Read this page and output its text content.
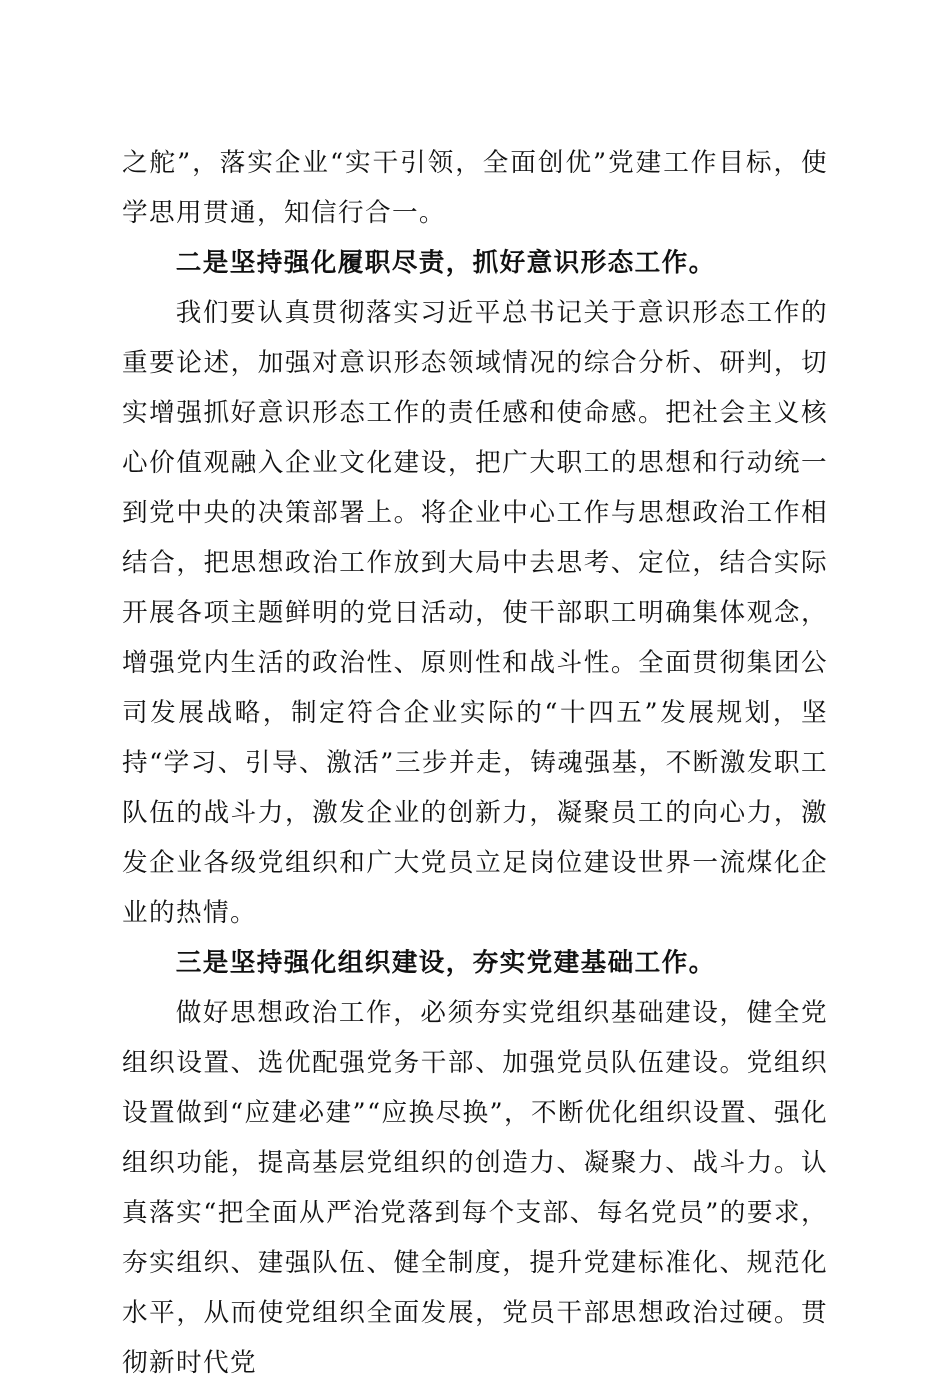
之舵”，落实企业“实干引领，全面创优”党建工作目标，使学思用贯通，知信行合一。

二是坚持强化履职尽责，抓好意识形态工作。

我们要认真贯彻落实习近平总书记关于意识形态工作的重要论述，加强对意识形态领域情况的综合分析、研判，切实增强抓好意识形态工作的责任感和使命感。把社会主义核心价值观融入企业文化建设，把广大职工的思想和行动统一到党中央的决策部署上。将企业中心工作与思想政治工作相结合，把思想政治工作放到大局中去思考、定位，结合实际开展各项主题鲜明的党日活动，使干部职工明确集体观念，增强党内生活的政治性、原则性和战斗性。全面贯彻集团公司发展战略，制定符合企业实际的“十四五”发展规划，坚持“学习、引导、激活”三步并走，铸魂强基，不断激发职工队伍的战斗力，激发企业的创新力，凝聚员工的向心力，激发企业各级党组织和广大党员立足岗位建设世界一流煤化企业的热情。

三是坚持强化组织建设，夯实党建基础工作。

做好思想政治工作，必须夯实党组织基础建设，健全党组织设置、选优配强党务干部、加强党员队伍建设。党组织设置做到“应建必建”“应换尽换”，不断优化组织设置、强化组织功能，提高基层党组织的创造力、凝聚力、战斗力。认真落实“把全面从严治党落到每个支部、每名党员”的要求，夯实组织、建强队伍、健全制度，提升党建标准化、规范化水平，从而使党组织全面发展，党员干部思想政治过硬。贯彻新时代党
